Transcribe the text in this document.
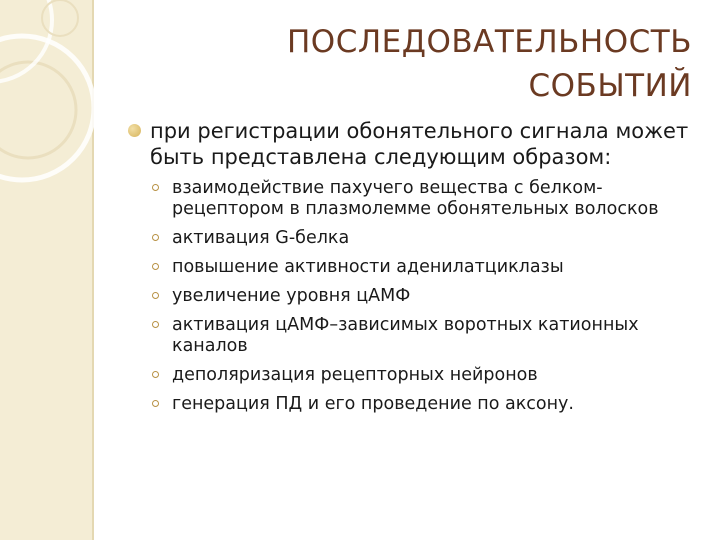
ПОСЛЕДОВАТЕЛЬНОСТЬ
СОБЫТИЙ
при регистрации обонятельного сигнала может быть представлена следующим образом:
взаимодействие пахучего вещества с белком-рецептором в плазмолемме обонятельных волосков
активация G‑белка
повышение активности аденилатциклазы
увеличение уровня цАМФ
активация цАМФ–зависимых воротных катионных каналов
деполяризация рецепторных нейронов
генерация ПД и его проведение по аксону.
